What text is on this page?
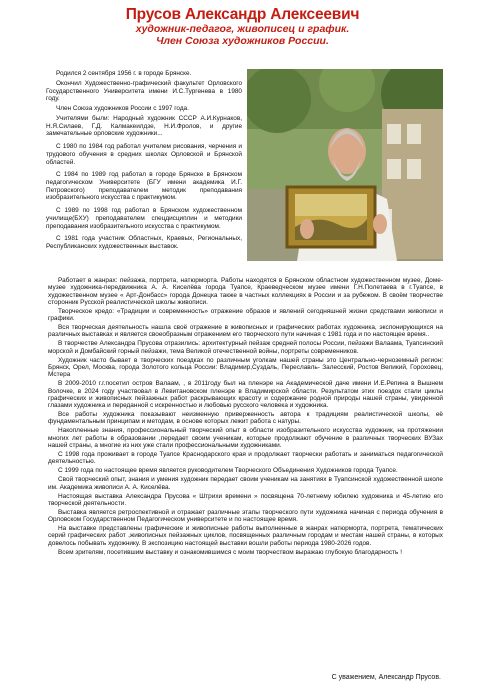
Прусов Александр Алексеевич
художник-педагог, живописец и график.
Член Союза художников России.

Родился 2 сентября 1956 г. в городе Брянске.

Окончил Художественно-графический факультет Орловского Государственного Университета имени И.С.Тургенева в 1980 году.

Член Союза художников России с 1997 года.

Учителями были: Народный художник СССР А.И.Курнаков, Н.Я.Силаев, Г.Д. Калмакеилдзе, Н.И.Фролов, и другие замечательные орловские художники...

С 1980 по 1984 год работал учителем рисования, черчения и трудового обучения в средних школах Орловской и Брянской областей.

С 1984 по 1989 год работал в городе Брянске в Брянском педагогическом Университете (БГУ имени академика И.Г. Петровского) преподавателем методик преподавания изобразительного искусства с практикумом.

С 1989 по 1998 год работал в Брянском художественном училище(БХУ) преподавателем спецдисциплин и методики преподавания изобразительного искусства с практикумом.

С 1981 года участник Областных, Краевых, Региональных, Республиканских художественных выставок.

Работает в жанрах: пейзажа, портрета, натюрморта. Работы находятся в Брянском областном художественном музее, Доме-музее художника-передвижника А. А. Киселёва города Туапсе, Краеведческом музее имени Г.Н.Полетаева в г.Туапсе, в художественном музее « Арт-Донбасс» города Донецка также в частных коллекциях в России и за рубежом. В своём творчестве сторонник Русской реалистической школы живописи.

Творческое кредо: «Традиции и современность» отражение образов и явлений сегодняшней жизни средствами живописи и графики.

Вся творческая деятельность нашла своё отражение в живописных и графических работах художника, экспонирующихся на различных выставках и является своеобразным отражением его творческого пути начиная с 1981 года и по настоящее время..

В творчестве Александра Прусова отразились: архитектурный пейзаж средней полосы России, пейзажи Валаама, Туапсинский морской и Домбайский горный пейзажи, тема Великой отечественной войны, портреты современников.

Художник часто бывает в творческих поездках по различным уголкам нашей страны это Центрально-черноземный регион: Брянск, Орел, Москва, города Золотого кольца России: Владимир,Суздаль, Переславль- Залесский, Ростов Великий, Гороховец, Мстера

В 2009-2010 г.г.посетил остров Валаам, , в 2011году был на пленэре на Академической даче имени И.Е.Репина в Вышнем Волочке, в 2024 году участвовал в Левитановском пленэре в Владимирской области. Результатом этих поездок стали циклы графических и живописных пейзажных работ раскрывающих красоту и содержание родной природы нашей страны, увиденной глазами художника и переданной с искренностью и любовью русского человека и художника.

Все работы художника показывают неизменную приверженность автора к традициям реалистической школы, её фундаментальным принципам и методам, в основе которых лежит работа с натуры.

Накопленные знания, профессиональный творческий опыт в области изобразительного искусства художник, на протяжении многих лет работы в образовании ,передает своим ученикам, которые продолжают обучение в различных творческих ВУЗах нашей страны, а многие из них уже стали профессиональными художниками.

С 1998 года проживает в городе Туапсе Краснодарского края и продолжает творчески работать и заниматься педагогической деятельностью.

С 1999 года по настоящее время является руководителем Творческого Объединения Художников города Туапсе.

Свой творческий опыт, знания и умения художник передает своим ученикам на занятиях в Туапсинской художественной школе им. Академика живописи А. А. Киселёва.

Настоящая выставка Александра Прусова « Штрихи времени » посвящена 70-летнему юбилею художника и 45-летию его творческой деятельности.

Выставка является ретроспективной и отражает различные этапы творческого пути художника начиная с периода обучения в Орловском Государственном Педагогическом университете и по настоящее время.

На выставке представлены графические и живописные работы выполненные в жанрах натюрморта, портрета, тематических серий графических работ ,живописных пейзажных циклов, посвященных различным городам и местам нашей страны, в которых довелось побывать художнику. В экспозицию настоящей выставки вошли работы периода 1980-2026 годов.

Всем зрителям, посетившим выставку и ознакомившимся с моим творчеством выражаю глубокую благодарность !

С уважением, Александр Прусов.
